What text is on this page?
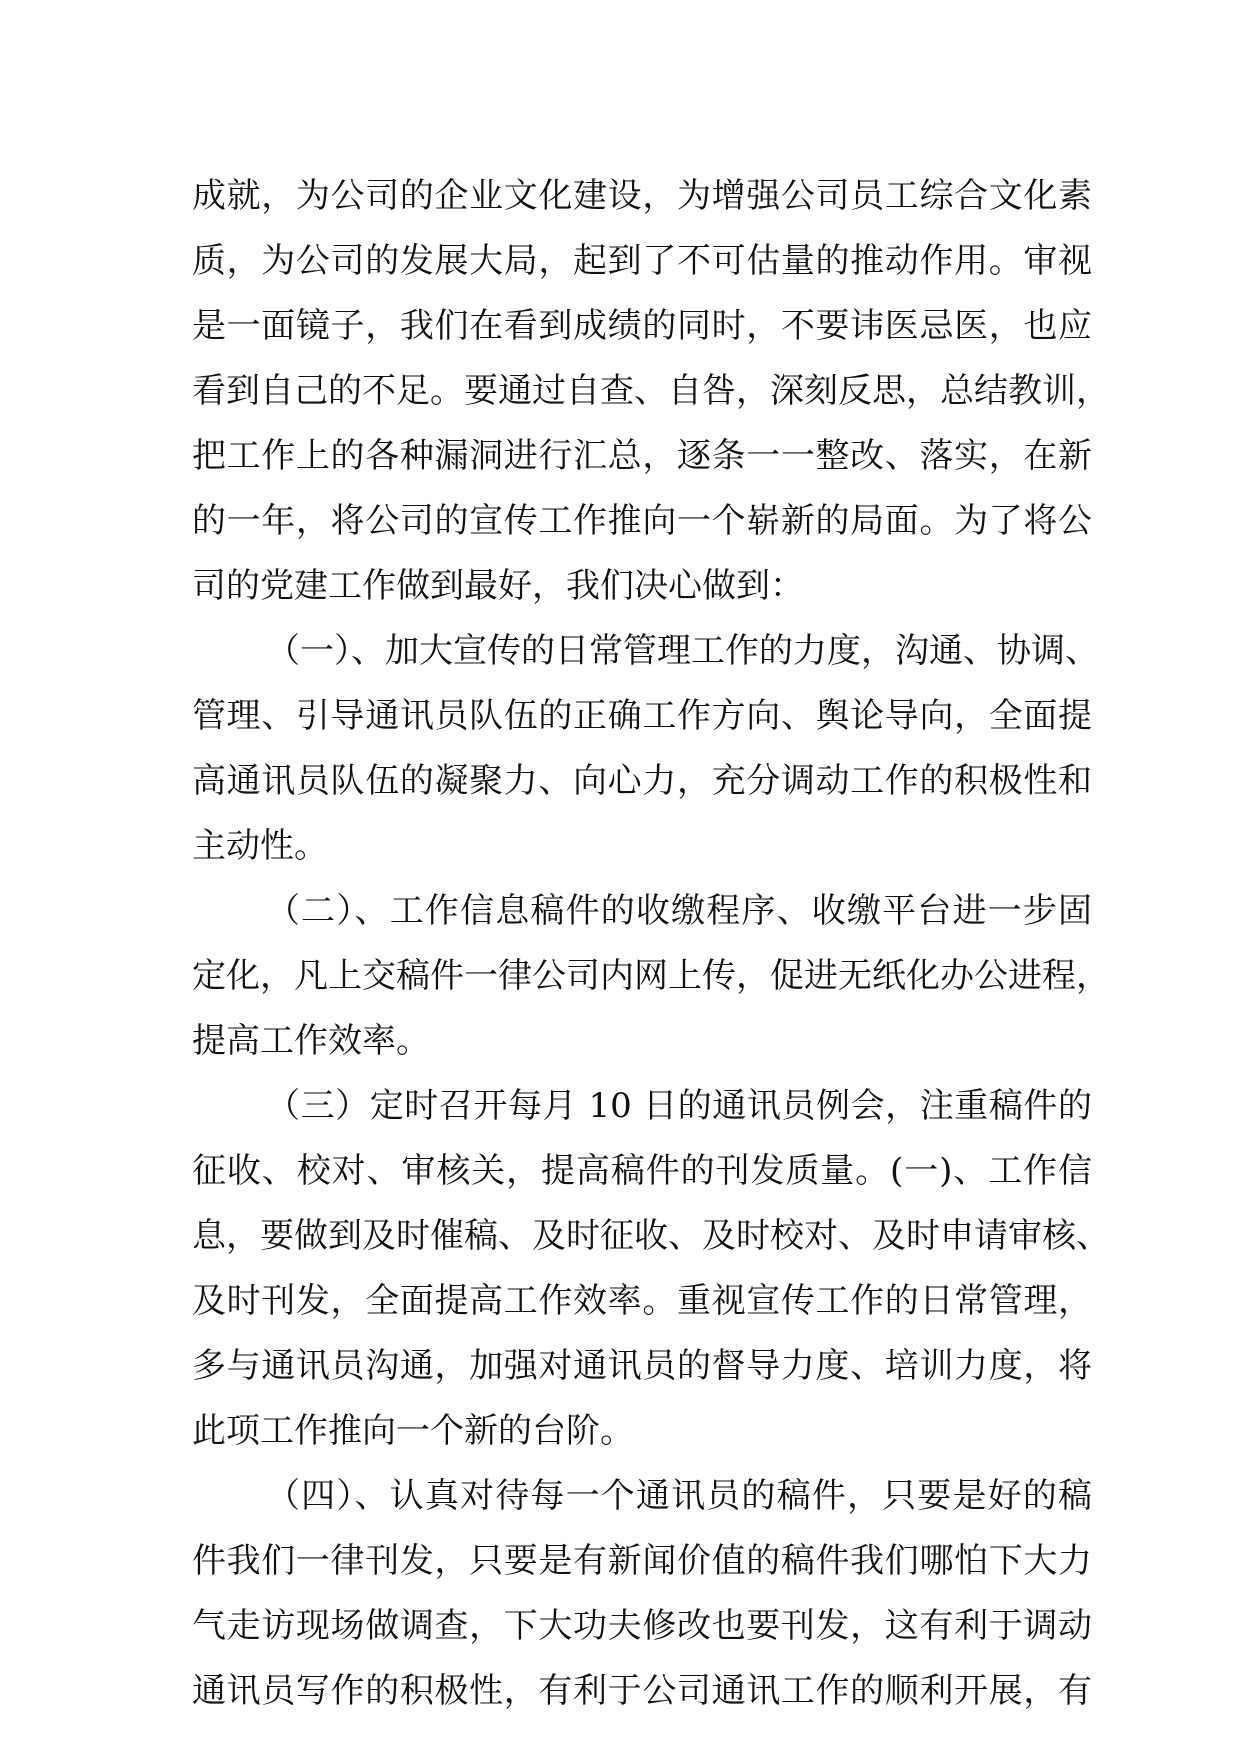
成就，为公司的企业文化建设，为增强公司员工综合文化素
质，为公司的发展大局，起到了不可估量的推动作用。审视
是一面镜子，我们在看到成绩的同时，不要讳医忌医，也应
看到自己的不足。要通过自查、自咎，深刻反思，总结教训，
把工作上的各种漏洞进行汇总，逐条一一整改、落实，在新
的一年，将公司的宣传工作推向一个崭新的局面。为了将公
司的党建工作做到最好，我们决心做到：
（一）、加大宣传的日常管理工作的力度，沟通、协调、
管理、引导通讯员队伍的正确工作方向、舆论导向，全面提
高通讯员队伍的凝聚力、向心力，充分调动工作的积极性和
主动性。
（二）、工作信息稿件的收缴程序、收缴平台进一步固
定化，凡上交稿件一律公司内网上传，促进无纸化办公进程，
提高工作效率。
（三）定时召开每月 10 日的通讯员例会，注重稿件的
征收、校对、审核关，提高稿件的刊发质量。(一)、工作信
息，要做到及时催稿、及时征收、及时校对、及时申请审核、
及时刊发，全面提高工作效率。重视宣传工作的日常管理，
多与通讯员沟通，加强对通讯员的督导力度、培训力度，将
此项工作推向一个新的台阶。
（四）、认真对待每一个通讯员的稿件，只要是好的稿
件我们一律刊发，只要是有新闻价值的稿件我们哪怕下大力
气走访现场做调查，下大功夫修改也要刊发，这有利于调动
通讯员写作的积极性，有利于公司通讯工作的顺利开展，有
